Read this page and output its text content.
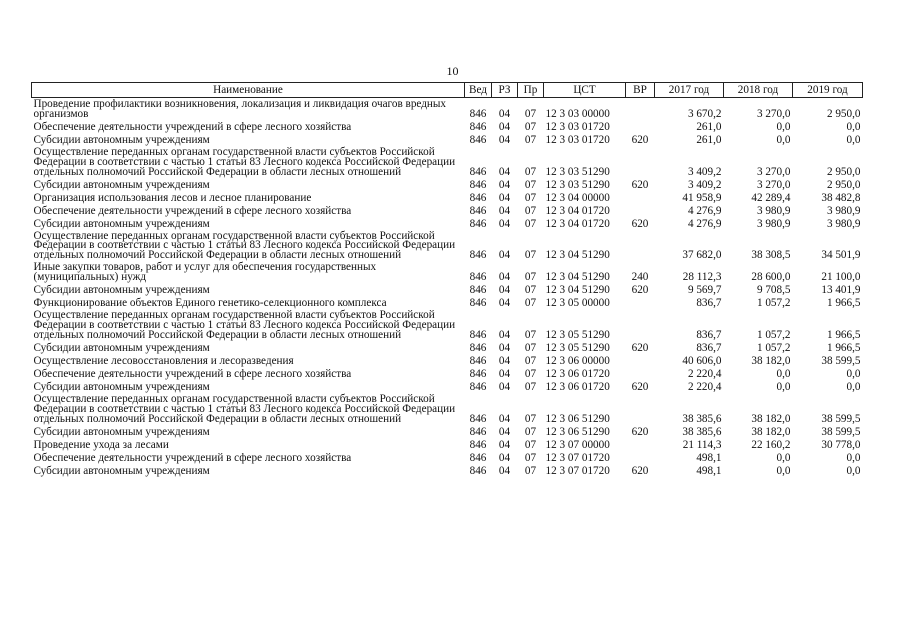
10
Наименование	Вед	РЗ	Пр	ЦСТ	ВР	2017 год	2018 год	2019 год
Проведение профилактики возникновения, локализация и ликвидация очагов вредных организмов	846	04	07	12 3 03 00000		3 670,2	3 270,0	2 950,0
Обеспечение деятельности учреждений в сфере лесного хозяйства	846	04	07	12 3 03 01720		261,0	0,0	0,0
Субсидии автономным учреждениям	846	04	07	12 3 03 01720	620	261,0	0,0	0,0
Осуществление переданных органам государственной власти субъектов Российской Федерации в соответствии с частью 1 статьи 83 Лесного кодекса Российской Федерации отдельных полномочий Российской Федерации в области лесных отношений	846	04	07	12 3 03 51290		3 409,2	3 270,0	2 950,0
Субсидии автономным учреждениям	846	04	07	12 3 03 51290	620	3 409,2	3 270,0	2 950,0
Организация использования лесов и лесное планирование	846	04	07	12 3 04 00000		41 958,9	42 289,4	38 482,8
Обеспечение деятельности учреждений в сфере лесного хозяйства	846	04	07	12 3 04 01720		4 276,9	3 980,9	3 980,9
Субсидии автономным учреждениям	846	04	07	12 3 04 01720	620	4 276,9	3 980,9	3 980,9
Осуществление переданных органам государственной власти субъектов Российской Федерации в соответствии с частью 1 статьи 83 Лесного кодекса Российской Федерации отдельных полномочий Российской Федерации в области лесных отношений	846	04	07	12 3 04 51290		37 682,0	38 308,5	34 501,9
Иные закупки товаров, работ и услуг для обеспечения государственных (муниципальных) нужд	846	04	07	12 3 04 51290	240	28 112,3	28 600,0	21 100,0
Субсидии автономным учреждениям	846	04	07	12 3 04 51290	620	9 569,7	9 708,5	13 401,9
Функционирование объектов Единого генетико-селекционного комплекса	846	04	07	12 3 05 00000		836,7	1 057,2	1 966,5
Осуществление переданных органам государственной власти субъектов Российской Федерации в соответствии с частью 1 статьи 83 Лесного кодекса Российской Федерации отдельных полномочий Российской Федерации в области лесных отношений	846	04	07	12 3 05 51290		836,7	1 057,2	1 966,5
Субсидии автономным учреждениям	846	04	07	12 3 05 51290	620	836,7	1 057,2	1 966,5
Осуществление лесовосстановления и лесоразведения	846	04	07	12 3 06 00000		40 606,0	38 182,0	38 599,5
Обеспечение деятельности учреждений в сфере лесного хозяйства	846	04	07	12 3 06 01720		2 220,4	0,0	0,0
Субсидии автономным учреждениям	846	04	07	12 3 06 01720	620	2 220,4	0,0	0,0
Осуществление переданных органам государственной власти субъектов Российской Федерации в соответствии с частью 1 статьи 83 Лесного кодекса Российской Федерации отдельных полномочий Российской Федерации в области лесных отношений	846	04	07	12 3 06 51290		38 385,6	38 182,0	38 599,5
Субсидии автономным учреждениям	846	04	07	12 3 06 51290	620	38 385,6	38 182,0	38 599,5
Проведение ухода за лесами	846	04	07	12 3 07 00000		21 114,3	22 160,2	30 778,0
Обеспечение деятельности учреждений в сфере лесного хозяйства	846	04	07	12 3 07 01720		498,1	0,0	0,0
Субсидии автономным учреждениям	846	04	07	12 3 07 01720	620	498,1	0,0	0,0
